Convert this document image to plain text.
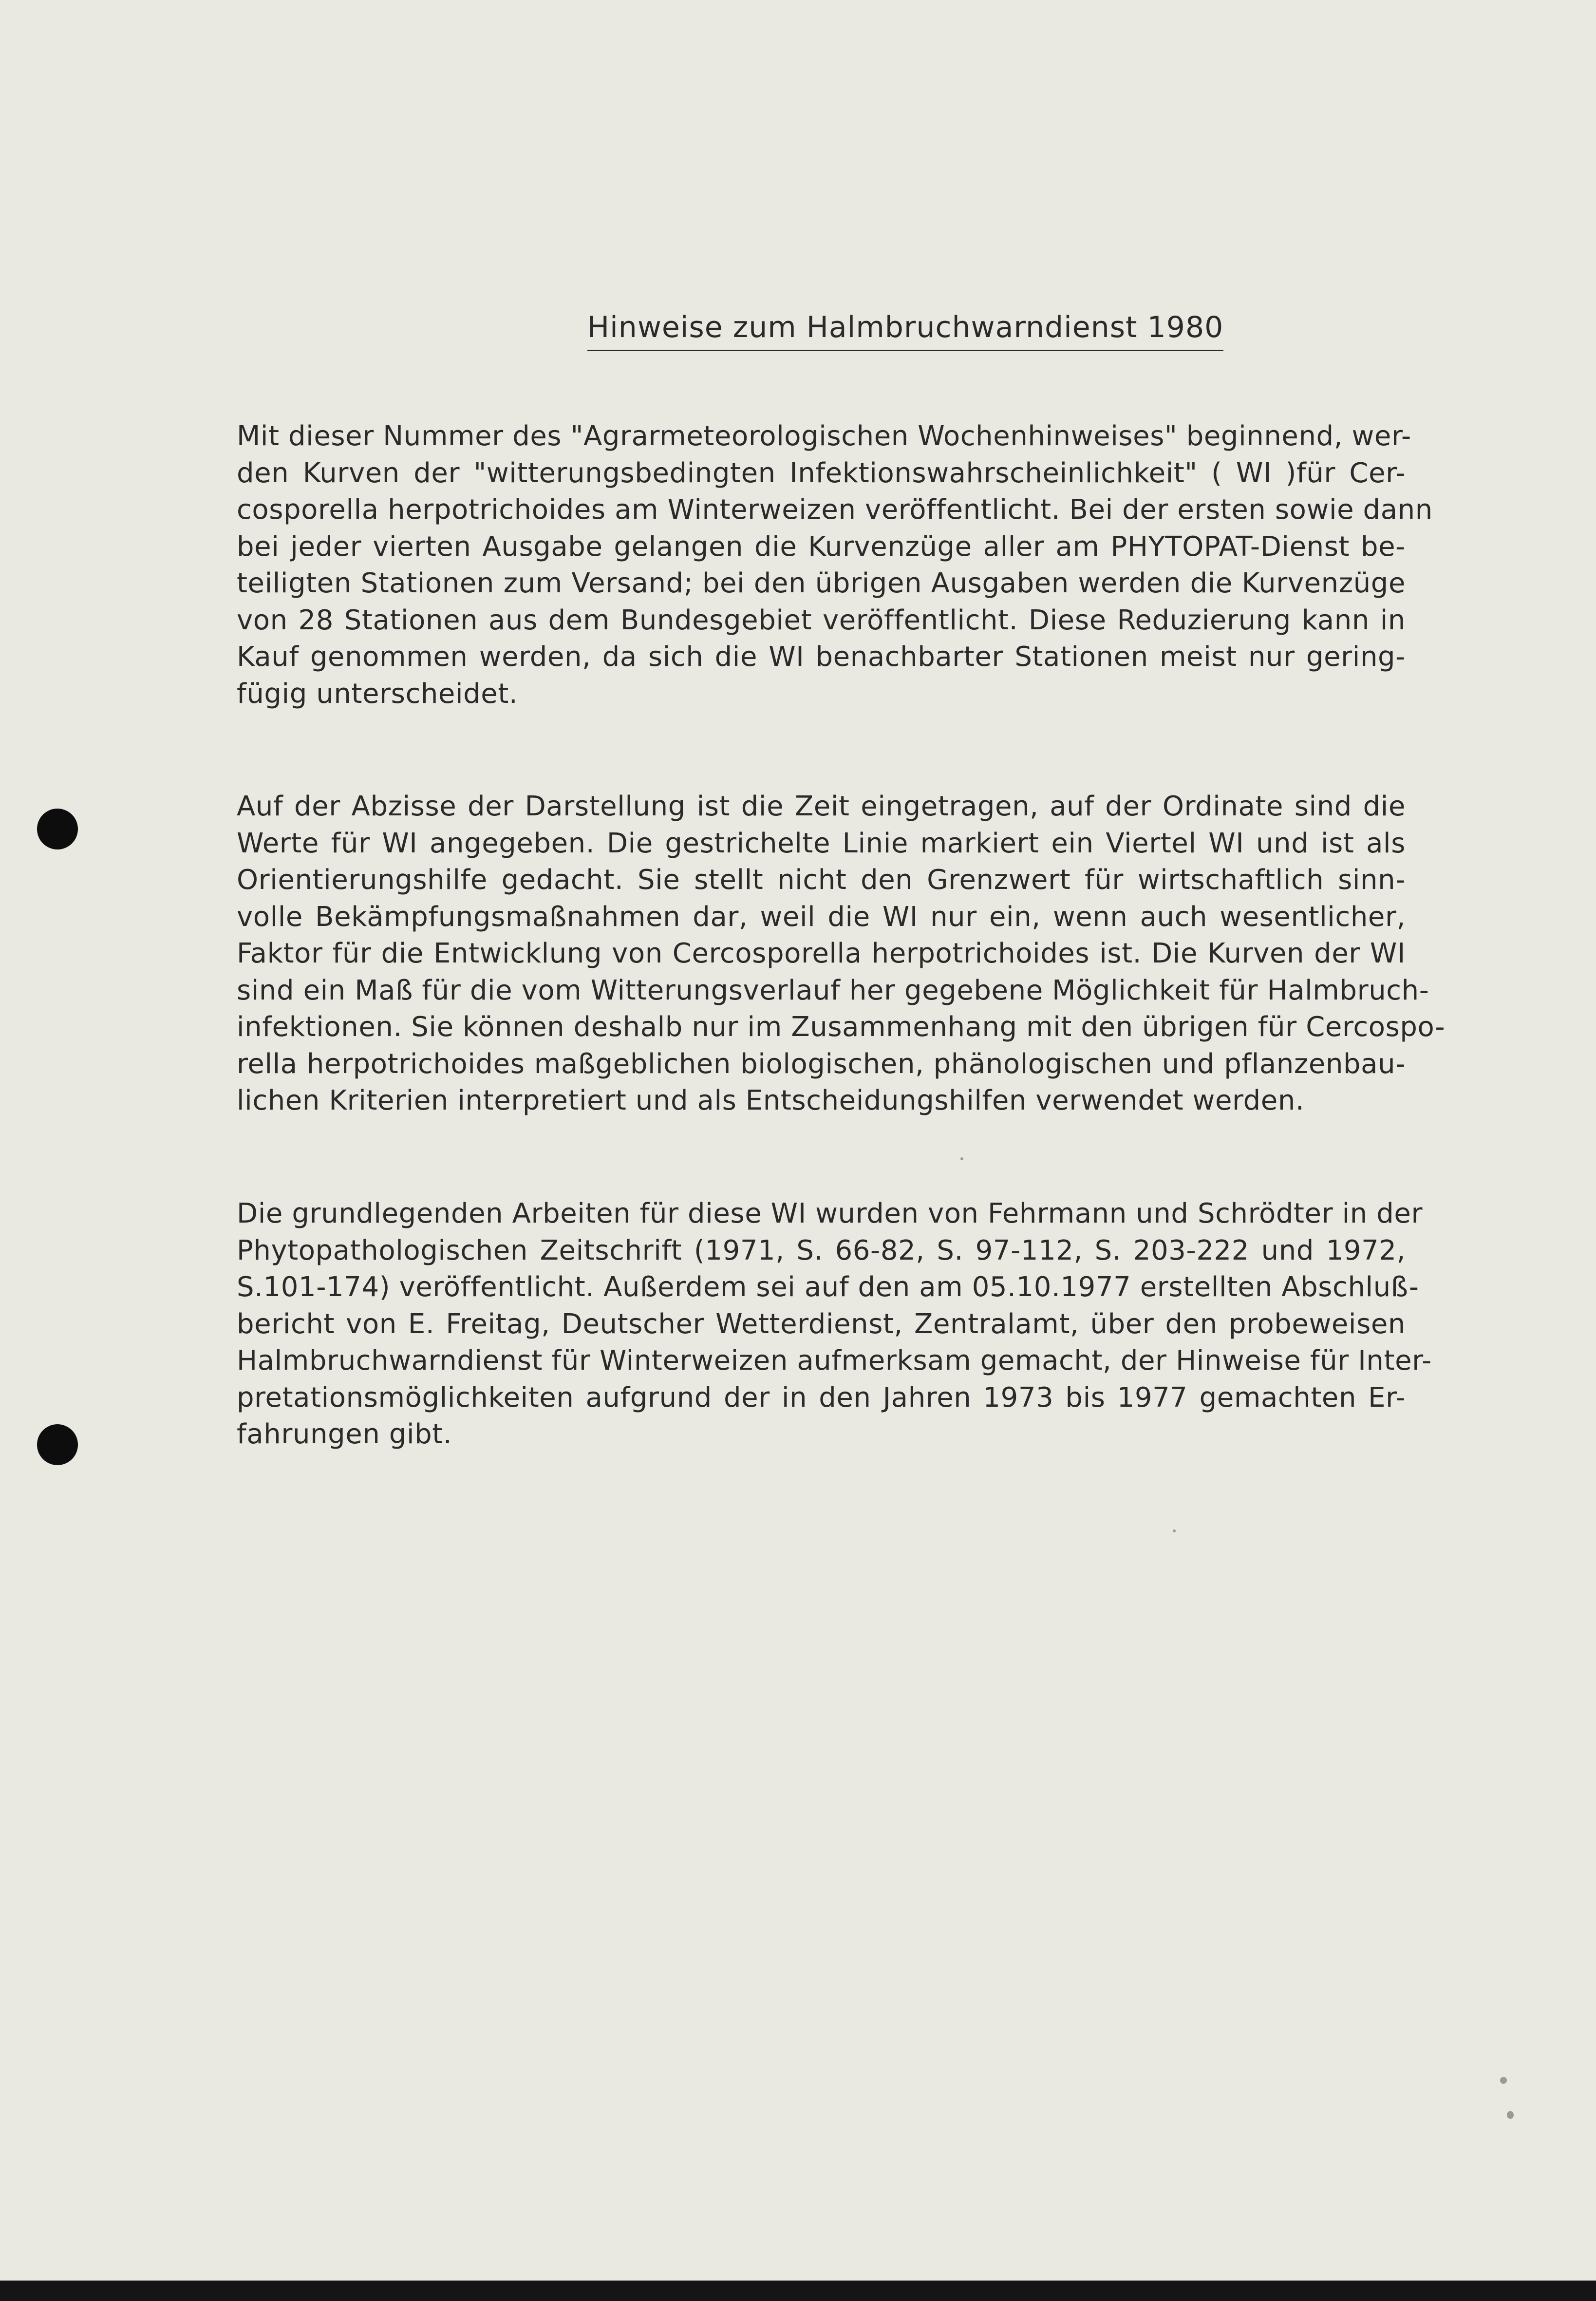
Hinweise zum Halmbruchwarndienst 1980
Mit dieser Nummer des "Agrarmeteorologischen Wochenhinweises" beginnend, wer-
den Kurven der "witterungsbedingten Infektionswahrscheinlichkeit" ( WI )für Cer-
cosporella herpotrichoides am Winterweizen veröffentlicht. Bei der ersten sowie dann
bei jeder vierten Ausgabe gelangen die Kurvenzüge aller am PHYTOPAT-Dienst be-
teiligten Stationen zum Versand; bei den übrigen Ausgaben werden die Kurvenzüge
von 28 Stationen aus dem Bundesgebiet veröffentlicht. Diese Reduzierung kann in
Kauf genommen werden, da sich die WI benachbarter Stationen meist nur gering-
fügig unterscheidet.
Auf der Abzisse der Darstellung ist die Zeit eingetragen, auf der Ordinate sind die
Werte für WI angegeben. Die gestrichelte Linie markiert ein Viertel WI und ist als
Orientierungshilfe gedacht. Sie stellt nicht den Grenzwert für wirtschaftlich sinn-
volle Bekämpfungsmaßnahmen dar, weil die WI nur ein, wenn auch wesentlicher,
Faktor für die Entwicklung von Cercosporella herpotrichoides ist. Die Kurven der WI
sind ein Maß für die vom Witterungsverlauf her gegebene Möglichkeit für Halmbruch-
infektionen. Sie können deshalb nur im Zusammenhang mit den übrigen für Cercospo-
rella herpotrichoides maßgeblichen biologischen, phänologischen und pflanzenbau-
lichen Kriterien interpretiert und als Entscheidungshilfen verwendet werden.
Die grundlegenden Arbeiten für diese WI wurden von Fehrmann und Schrödter in der
Phytopathologischen Zeitschrift (1971, S. 66-82, S. 97-112, S. 203-222 und 1972,
S.101-174) veröffentlicht. Außerdem sei auf den am 05.10.1977 erstellten Abschluß-
bericht von E. Freitag, Deutscher Wetterdienst, Zentralamt, über den probeweisen
Halmbruchwarndienst für Winterweizen aufmerksam gemacht, der Hinweise für Inter-
pretationsmöglichkeiten aufgrund der in den Jahren 1973 bis 1977 gemachten Er-
fahrungen gibt.
